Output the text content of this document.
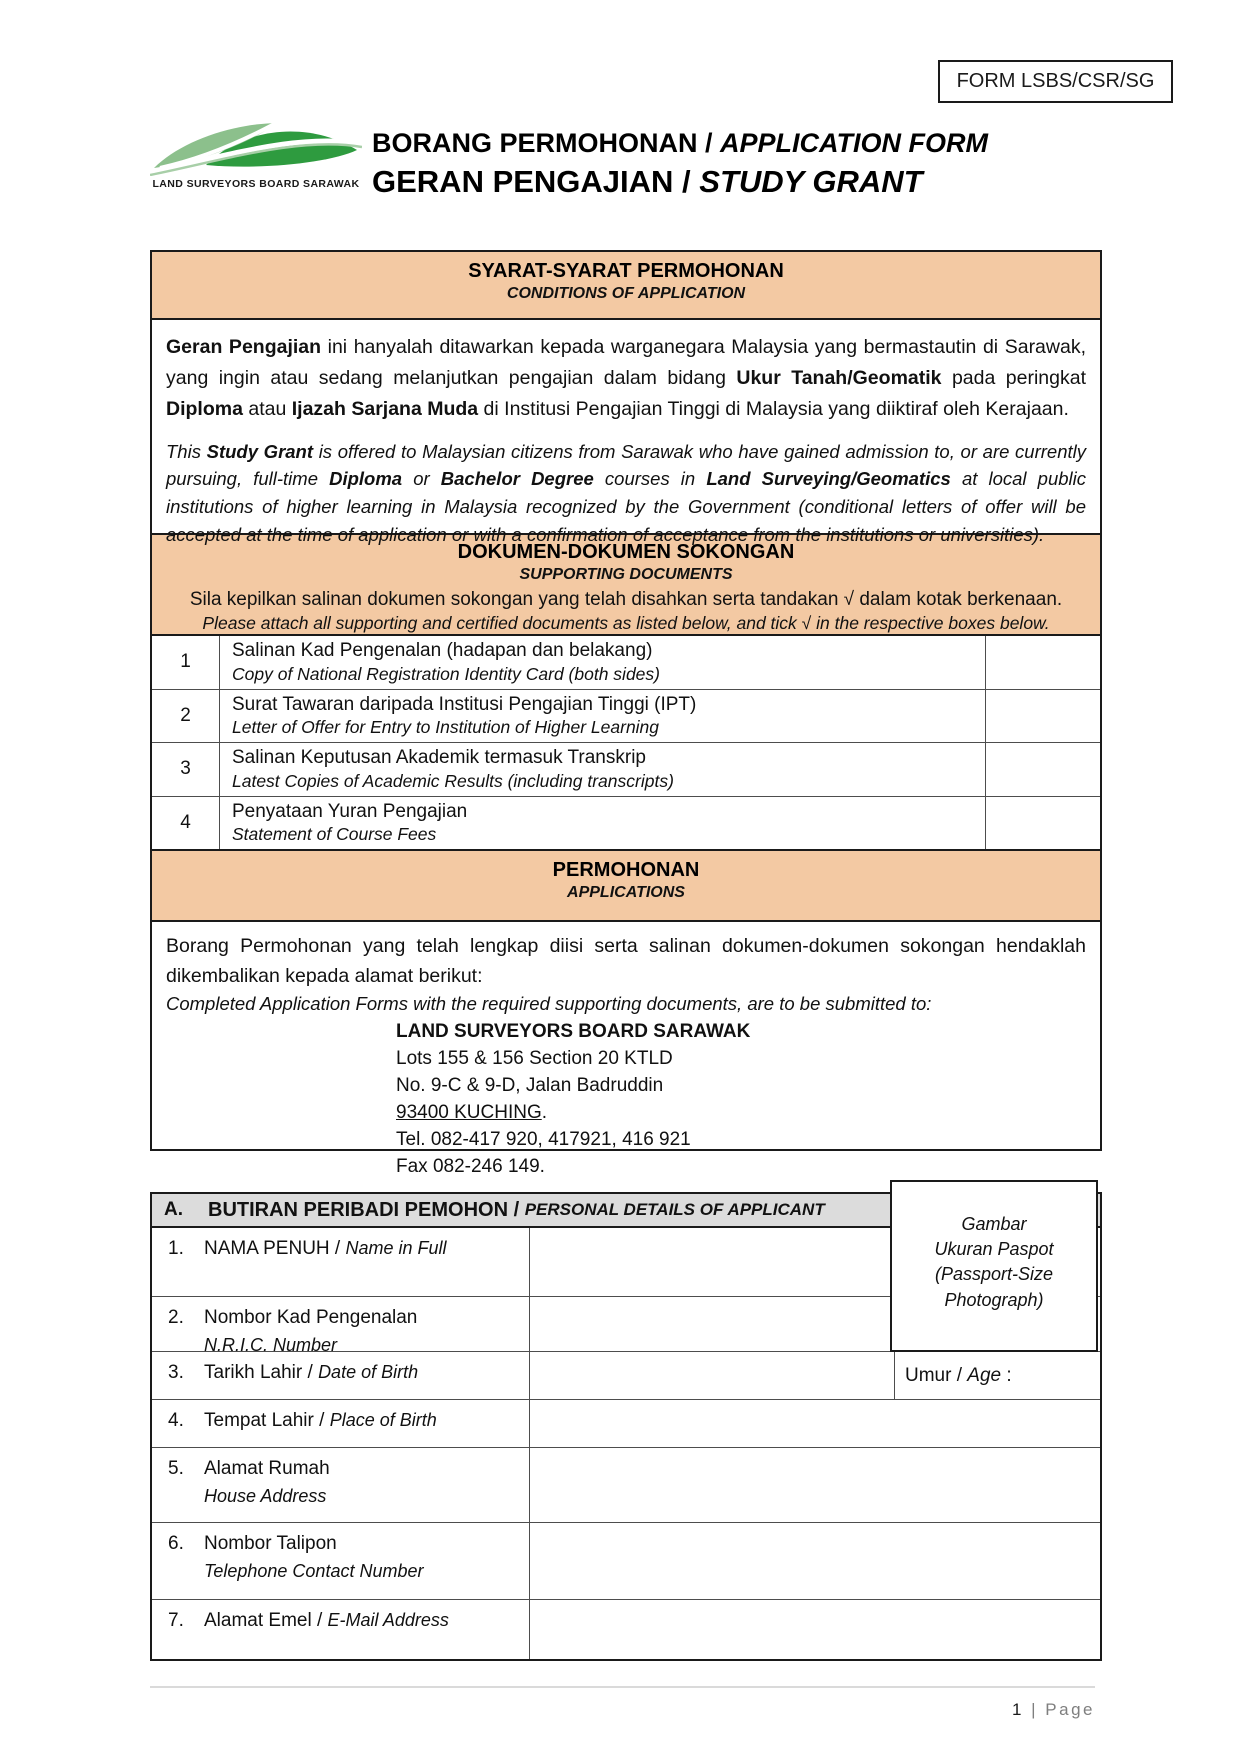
FORM LSBS/CSR/SG
LAND SURVEYORS BOARD SARAWAK
BORANG PERMOHONAN / APPLICATION FORM
GERAN PENGAJIAN / STUDY GRANT
SYARAT-SYARAT PERMOHONAN
CONDITIONS OF APPLICATION

Geran Pengajian ini hanyalah ditawarkan kepada warganegara Malaysia yang bermastautin di Sarawak, yang ingin atau sedang melanjutkan pengajian dalam bidang Ukur Tanah/Geomatik pada peringkat Diploma atau Ijazah Sarjana Muda di Institusi Pengajian Tinggi di Malaysia yang diiktiraf oleh Kerajaan.

This Study Grant is offered to Malaysian citizens from Sarawak who have gained admission to, or are currently pursuing, full-time Diploma or Bachelor Degree courses in Land Surveying/Geomatics at local public institutions of higher learning in Malaysia recognized by the Government (conditional letters of offer will be accepted at the time of application or with a confirmation of acceptance from the institutions or universities).

DOKUMEN-DOKUMEN SOKONGAN
SUPPORTING DOCUMENTS
Sila kepilkan salinan dokumen sokongan yang telah disahkan serta tandakan √ dalam kotak berkenaan.
Please attach all supporting and certified documents as listed below, and tick √ in the respective boxes below.
1
Salinan Kad Pengenalan (hadapan dan belakang)
Copy of National Registration Identity Card (both sides)
2
Surat Tawaran daripada Institusi Pengajian Tinggi (IPT)
Letter of Offer for Entry to Institution of Higher Learning
3
Salinan Keputusan Akademik termasuk Transkrip
Latest Copies of Academic Results (including transcripts)
4
Penyataan Yuran Pengajian
Statement of Course Fees
PERMOHONAN
APPLICATIONS

Borang Permohonan yang telah lengkap diisi serta salinan dokumen-dokumen sokongan hendaklah dikembalikan kepada alamat berikut:

Completed Application Forms with the required supporting documents, are to be submitted to:

LAND SURVEYORS BOARD SARAWAK
Lots 155 & 156 Section 20 KTLD
No. 9-C & 9-D, Jalan Badruddin
93400 KUCHING.
Tel. 082-417 920, 417921, 416 921
Fax 082-246 149.
A.	BUTIRAN PERIBADI PEMOHON / PERSONAL DETAILS OF APPLICANT
1.	NAMA PENUH / Name in Full
2.	Nombor Kad Pengenalan
N.R.I.C. Number
3.	Tarikh Lahir / Date of Birth	Umur / Age :
4.	Tempat Lahir / Place of Birth
5.	Alamat Rumah
House Address
6.	Nombor Talipon
Telephone Contact Number
7.	Alamat Emel / E-Mail Address
Gambar
Ukuran Paspot
(Passport-Size
Photograph)
1 | Page
